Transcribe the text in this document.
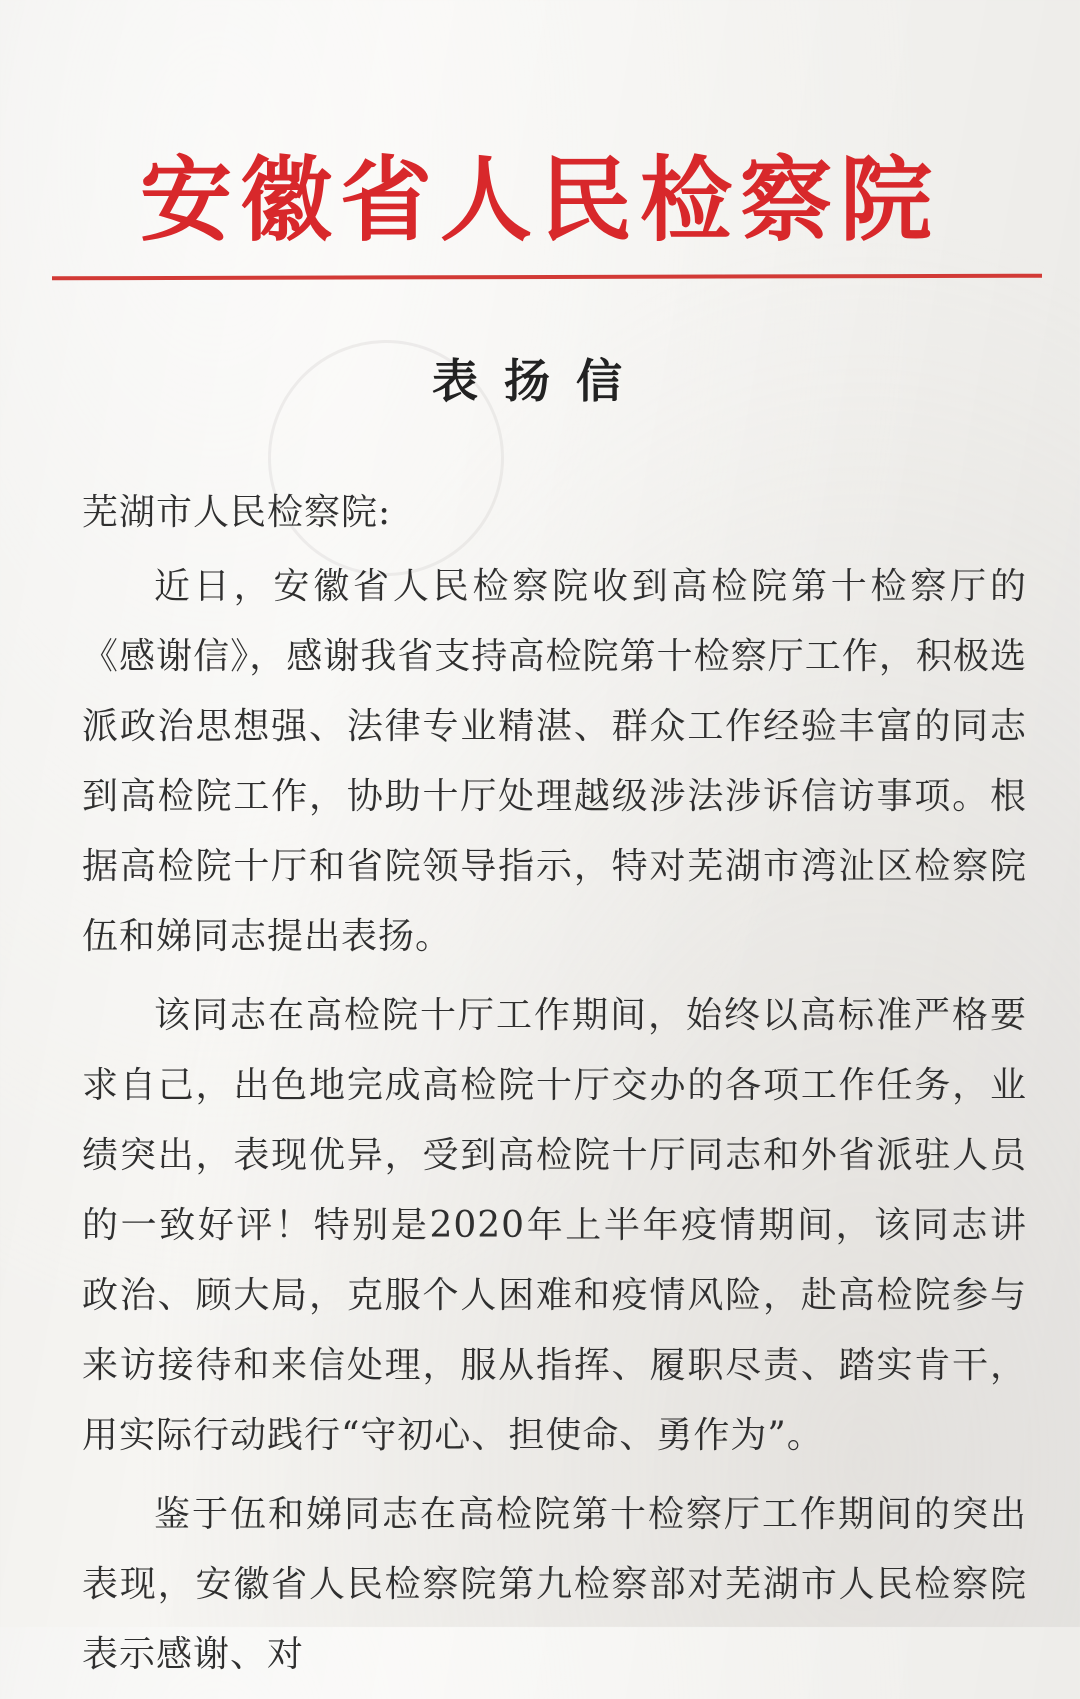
安徽省人民检察院
表扬信

芜湖市人民检察院:

近日，安徽省人民检察院收到高检院第十检察厅的《感谢信》，感谢我省支持高检院第十检察厅工作，积极选派政治思想强、法律专业精湛、群众工作经验丰富的同志到高检院工作，协助十厅处理越级涉法涉诉信访事项。根据高检院十厅和省院领导指示，特对芜湖市湾沚区检察院伍和娣同志提出表扬。

该同志在高检院十厅工作期间，始终以高标准严格要求自己，出色地完成高检院十厅交办的各项工作任务，业绩突出，表现优异，受到高检院十厅同志和外省派驻人员的一致好评！特别是2020年上半年疫情期间，该同志讲政治、顾大局，克服个人困难和疫情风险，赴高检院参与来访接待和来信处理，服从指挥、履职尽责、踏实肯干，用实际行动践行“守初心、担使命、勇作为”。

鉴于伍和娣同志在高检院第十检察厅工作期间的突出表现，安徽省人民检察院第九检察部对芜湖市人民检察院表示感谢、对
